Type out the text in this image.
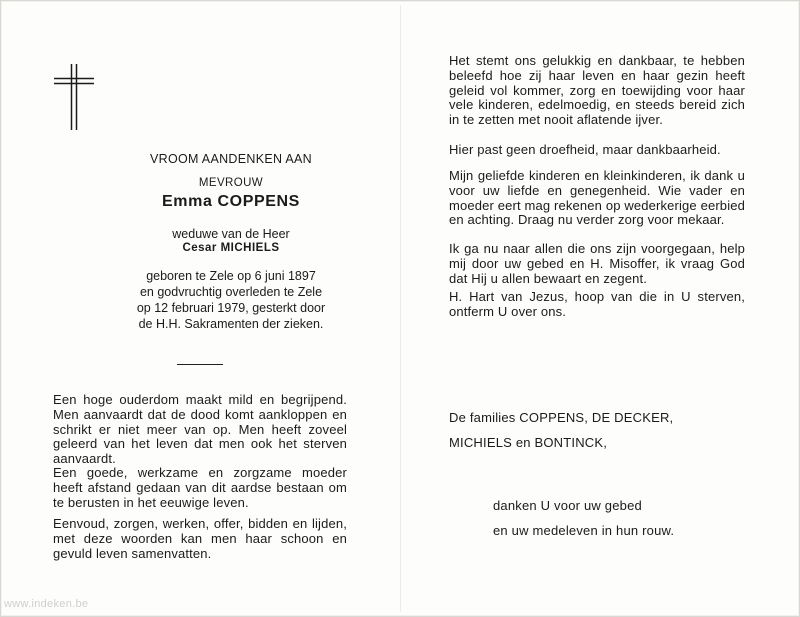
VROOM AANDENKEN AAN

MEVROUW

Emma COPPENS

weduwe van de Heer

Cesar MICHIELS

geboren te Zele op 6 juni 1897
en godvruchtig overleden te Zele
op 12 februari 1979, gesterkt door
de H.H. Sakramenten der zieken.

Een hoge ouderdom maakt mild en begrijpend. Men aanvaardt dat de dood komt aankloppen en schrikt er niet meer van op. Men heeft zoveel geleerd van het leven dat men ook het sterven aanvaardt.

Een goede, werkzame en zorgzame moeder heeft afstand gedaan van dit aardse bestaan om te berusten in het eeuwige leven.

Eenvoud, zorgen, werken, offer, bidden en lijden, met deze woorden kan men haar schoon en gevuld leven samenvatten.

Het stemt ons gelukkig en dankbaar, te hebben beleefd hoe zij haar leven en haar gezin heeft geleid vol kommer, zorg en toewijding voor haar vele kinderen, edelmoedig, en steeds bereid zich in te zetten met nooit aflatende ijver.

Hier past geen droefheid, maar dankbaarheid.

Mijn geliefde kinderen en kleinkinderen, ik dank u voor uw liefde en genegenheid. Wie vader en moeder eert mag rekenen op wederkerige eerbied en achting. Draag nu verder zorg voor mekaar.

Ik ga nu naar allen die ons zijn voorgegaan, help mij door uw gebed en H. Misoffer, ik vraag God dat Hij u allen bewaart en zegent.

H. Hart van Jezus, hoop van die in U sterven, ontferm U over ons.

De families COPPENS, DE DECKER,

MICHIELS en BONTINCK,

danken U voor uw gebed

en uw medeleven in hun rouw.

www.indeken.be
